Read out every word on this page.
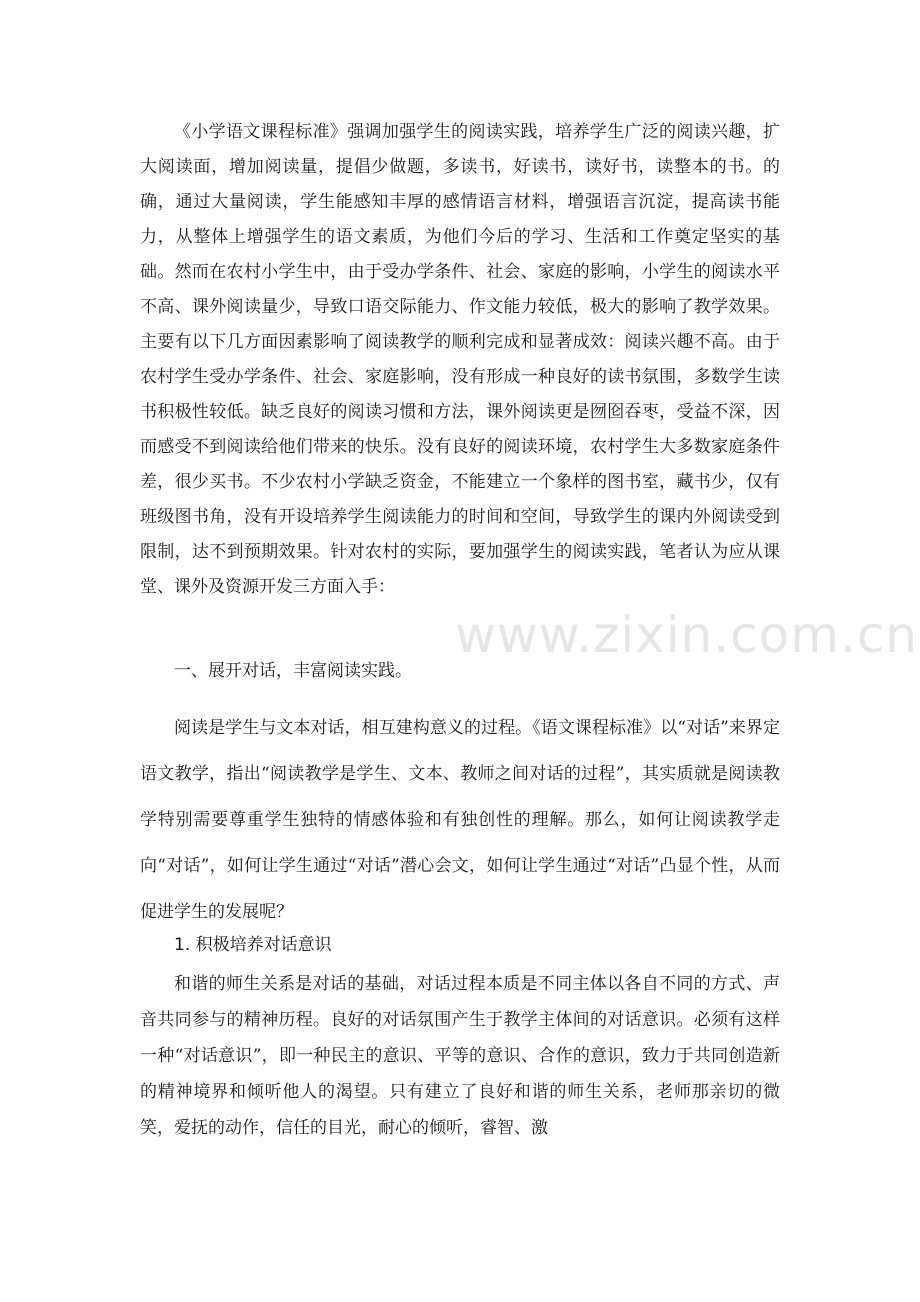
www.zixin.com.cn

《小学语文课程标准》强调加强学生的阅读实践，培养学生广泛的阅读兴趣，扩大阅读面，增加阅读量，提倡少做题，多读书，好读书，读好书，读整本的书。的确，通过大量阅读，学生能感知丰厚的感情语言材料，增强语言沉淀，提高读书能力，从整体上增强学生的语文素质，为他们今后的学习、生活和工作奠定坚实的基础。然而在农村小学生中，由于受办学条件、社会、家庭的影响，小学生的阅读水平不高、课外阅读量少，导致口语交际能力、作文能力较低，极大的影响了教学效果。主要有以下几方面因素影响了阅读教学的顺利完成和显著成效：阅读兴趣不高。由于农村学生受办学条件、社会、家庭影响，没有形成一种良好的读书氛围，多数学生读书积极性较低。缺乏良好的阅读习惯和方法，课外阅读更是囫囵吞枣，受益不深，因而感受不到阅读给他们带来的快乐。没有良好的阅读环境，农村学生大多数家庭条件差，很少买书。不少农村小学缺乏资金，不能建立一个象样的图书室，藏书少，仅有班级图书角，没有开设培养学生阅读能力的时间和空间，导致学生的课内外阅读受到限制，达不到预期效果。针对农村的实际，要加强学生的阅读实践，笔者认为应从课堂、课外及资源开发三方面入手：

一、展开对话，丰富阅读实践。

阅读是学生与文本对话，相互建构意义的过程。《语文课程标准》以“对话”来界定语文教学，指出“阅读教学是学生、文本、教师之间对话的过程”，其实质就是阅读教学特别需要尊重学生独特的情感体验和有独创性的理解。那么，如何让阅读教学走向“对话”，如何让学生通过“对话”潜心会文，如何让学生通过“对话”凸显个性，从而促进学生的发展呢？

1. 积极培养对话意识

和谐的师生关系是对话的基础，对话过程本质是不同主体以各自不同的方式、声音共同参与的精神历程。良好的对话氛围产生于教学主体间的对话意识。必须有这样一种“对话意识”，即一种民主的意识、平等的意识、合作的意识，致力于共同创造新的精神境界和倾听他人的渴望。只有建立了良好和谐的师生关系，老师那亲切的微笑，爱抚的动作，信任的目光，耐心的倾听，睿智、激
